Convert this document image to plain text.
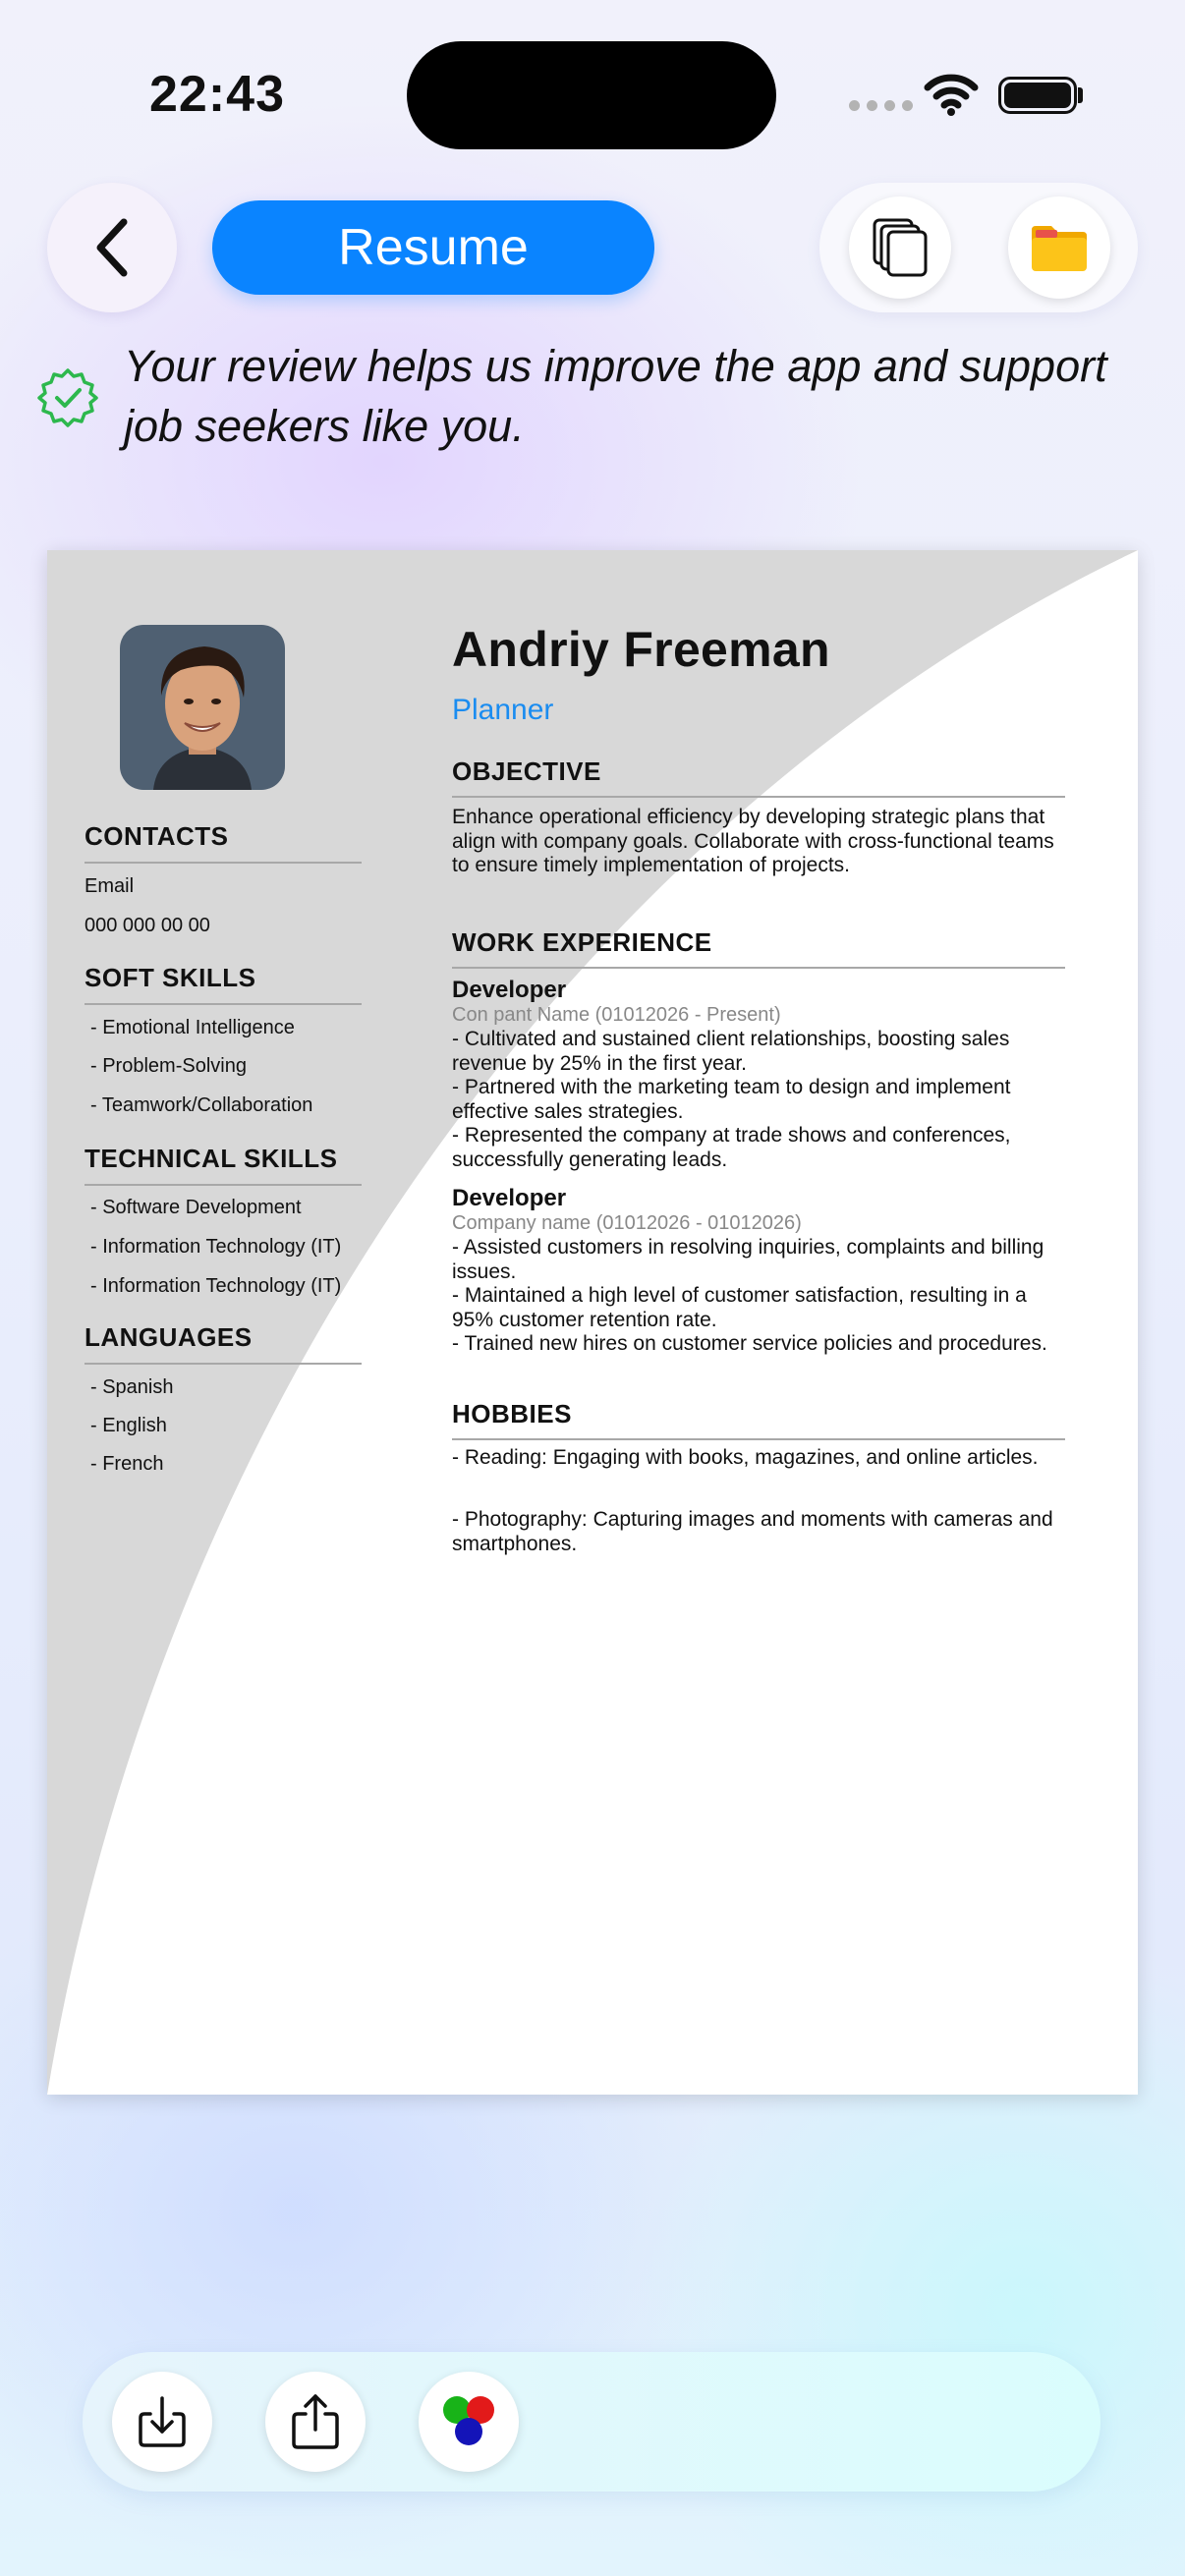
22:43
Resume
Your review helps us improve the app and support job seekers like you.
CONTACTS
Email
000 000 00 00
SOFT SKILLS
- Emotional Intelligence
- Problem-Solving
- Teamwork/Collaboration
TECHNICAL SKILLS
- Software Development
- Information Technology (IT)
- Information Technology (IT)
LANGUAGES
- Spanish
- English
- French
Andriy Freeman
Planner
OBJECTIVE
Enhance operational efficiency by developing strategic plans that align with company goals. Collaborate with cross-functional teams to ensure timely implementation of projects.
WORK EXPERIENCE
Developer
Con pant Name (01012026 - Present)
- Cultivated and sustained client relationships, boosting sales revenue by 25% in the first year.
- Partnered with the marketing team to design and implement effective sales strategies.
- Represented the company at trade shows and conferences, successfully generating leads.
Developer
Company name (01012026 - 01012026)
- Assisted customers in resolving inquiries, complaints and billing issues.
- Maintained a high level of customer satisfaction, resulting in a 95% customer retention rate.
- Trained new hires on customer service policies and procedures.
HOBBIES
- Reading: Engaging with books, magazines, and online articles.
- Photography: Capturing images and moments with cameras and smartphones.
